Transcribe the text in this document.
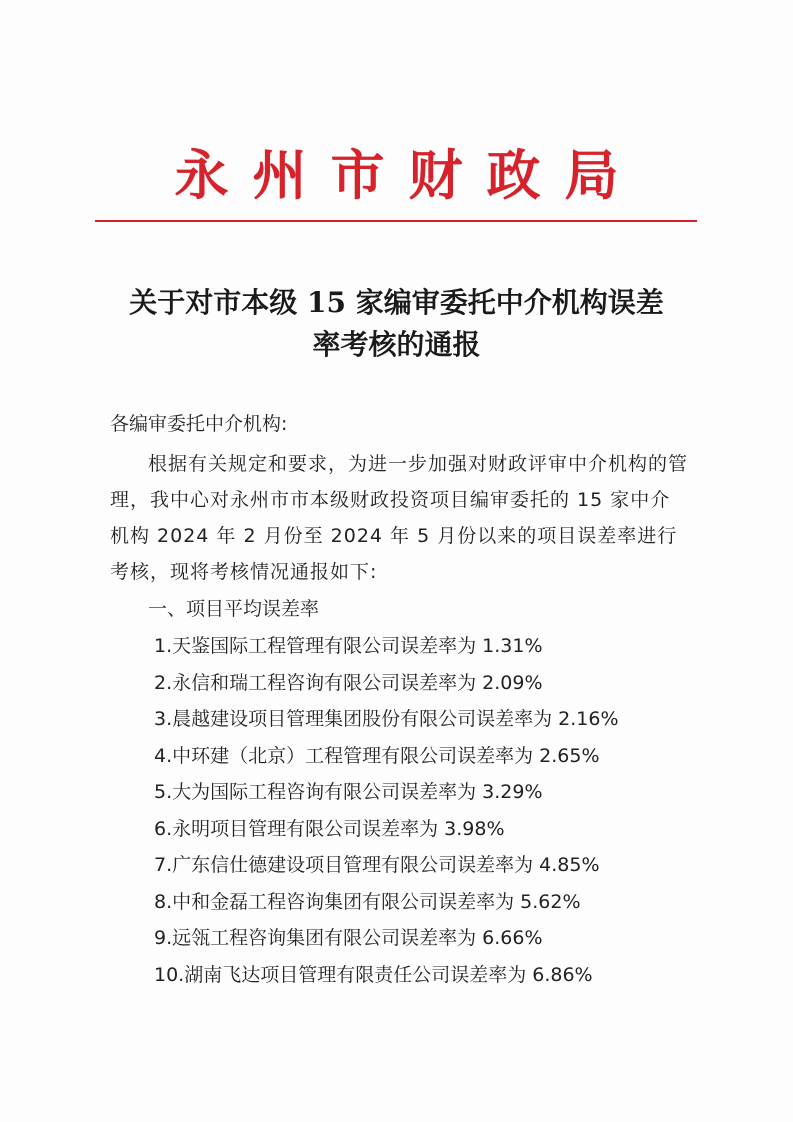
永州市财政局
关于对市本级 15 家编审委托中介机构误差
率考核的通报

各编审委托中介机构:

根据有关规定和要求，为进一步加强对财政评审中介机构的管理，我中心对永州市市本级财政投资项目编审委托的 15 家中介机构 2024 年 2 月份至 2024 年 5 月份以来的项目误差率进行考核，现将考核情况通报如下:

一、项目平均误差率

1.天鉴国际工程管理有限公司误差率为 1.31%
2.永信和瑞工程咨询有限公司误差率为 2.09%
3.晨越建设项目管理集团股份有限公司误差率为 2.16%
4.中环建（北京）工程管理有限公司误差率为 2.65%
5.大为国际工程咨询有限公司误差率为 3.29%
6.永明项目管理有限公司误差率为 3.98%
7.广东信仕德建设项目管理有限公司误差率为 4.85%
8.中和金磊工程咨询集团有限公司误差率为 5.62%
9.远瓴工程咨询集团有限公司误差率为 6.66%
10.湖南飞达项目管理有限责任公司误差率为 6.86%
